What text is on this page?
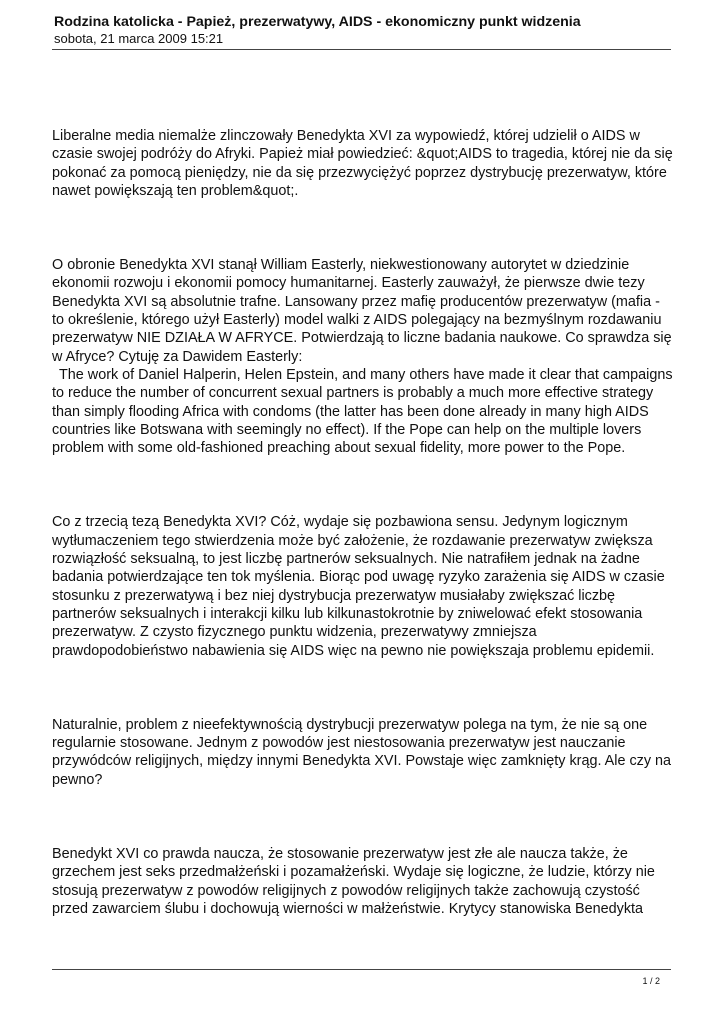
Rodzina katolicka - Papież, prezerwatywy, AIDS - ekonomiczny punkt widzenia
sobota, 21 marca 2009 15:21

Liberalne media niemalże zlinczowały Benedykta XVI za wypowiedź, której udzielił o AIDS w czasie swojej podróży do Afryki. Papież miał powiedzieć: &quot;AIDS to tragedia, której nie da się pokonać za pomocą pieniędzy, nie da się przezwyciężyć poprzez dystrybucję prezerwatyw, które nawet powiększają ten problem&quot;.

O obronie Benedykta XVI stanął William Easterly, niekwestionowany autorytet w dziedzinie ekonomii rozwoju i ekonomii pomocy humanitarnej. Easterly zauważył, że pierwsze dwie tezy Benedykta XVI są absolutnie trafne. Lansowany przez mafię producentów prezerwatyw (mafia - to określenie, którego użył Easterly) model walki z AIDS polegający na bezmyślnym rozdawaniu prezerwatyw NIE DZIAŁA W AFRYCE. Potwierdzają to liczne badania naukowe. Co sprawdza się w Afryce? Cytuję za Dawidem Easterly:

The work of Daniel Halperin, Helen Epstein, and many others have made it clear that campaigns to reduce the number of concurrent sexual partners is probably a much more effective strategy than simply flooding Africa with condoms (the latter has been done already in many high AIDS countries like Botswana with seemingly no effect). If the Pope can help on the multiple lovers problem with some old-fashioned preaching about sexual fidelity, more power to the Pope.

Co z trzecią tezą Benedykta XVI? Cóż, wydaje się pozbawiona sensu. Jedynym logicznym wytłumaczeniem tego stwierdzenia może być założenie, że rozdawanie prezerwatyw zwiększa rozwiązłość seksualną, to jest liczbę partnerów seksualnych. Nie natrafiłem jednak na żadne badania potwierdzające ten tok myślenia. Biorąc pod uwagę ryzyko zarażenia się AIDS w czasie stosunku z prezerwatywą i bez niej dystrybucja prezerwatyw musiałaby zwiększać liczbę partnerów seksualnych i interakcji kilku lub kilkunastokrotnie by zniwelować efekt stosowania prezerwatyw. Z czysto fizycznego punktu widzenia, prezerwatywy zmniejsza prawdopodobieństwo nabawienia się AIDS więc na pewno nie powiększaja problemu epidemii.

Naturalnie, problem z nieefektywnością dystrybucji prezerwatyw polega na tym, że nie są one regularnie stosowane. Jednym z powodów jest niestosowania prezerwatyw jest nauczanie przywódców religijnych, między innymi Benedykta XVI. Powstaje więc zamknięty krąg. Ale czy na pewno?

Benedykt XVI co prawda naucza, że stosowanie prezerwatyw jest złe ale naucza także, że grzechem jest seks przedmałżeński i pozamałżeński. Wydaje się logiczne, że ludzie, którzy nie stosują prezerwatyw z powodów religijnych z powodów religijnych także zachowują czystość przed zawarciem ślubu i dochowują wierności w małżeństwie. Krytycy stanowiska Benedykta

1 / 2
